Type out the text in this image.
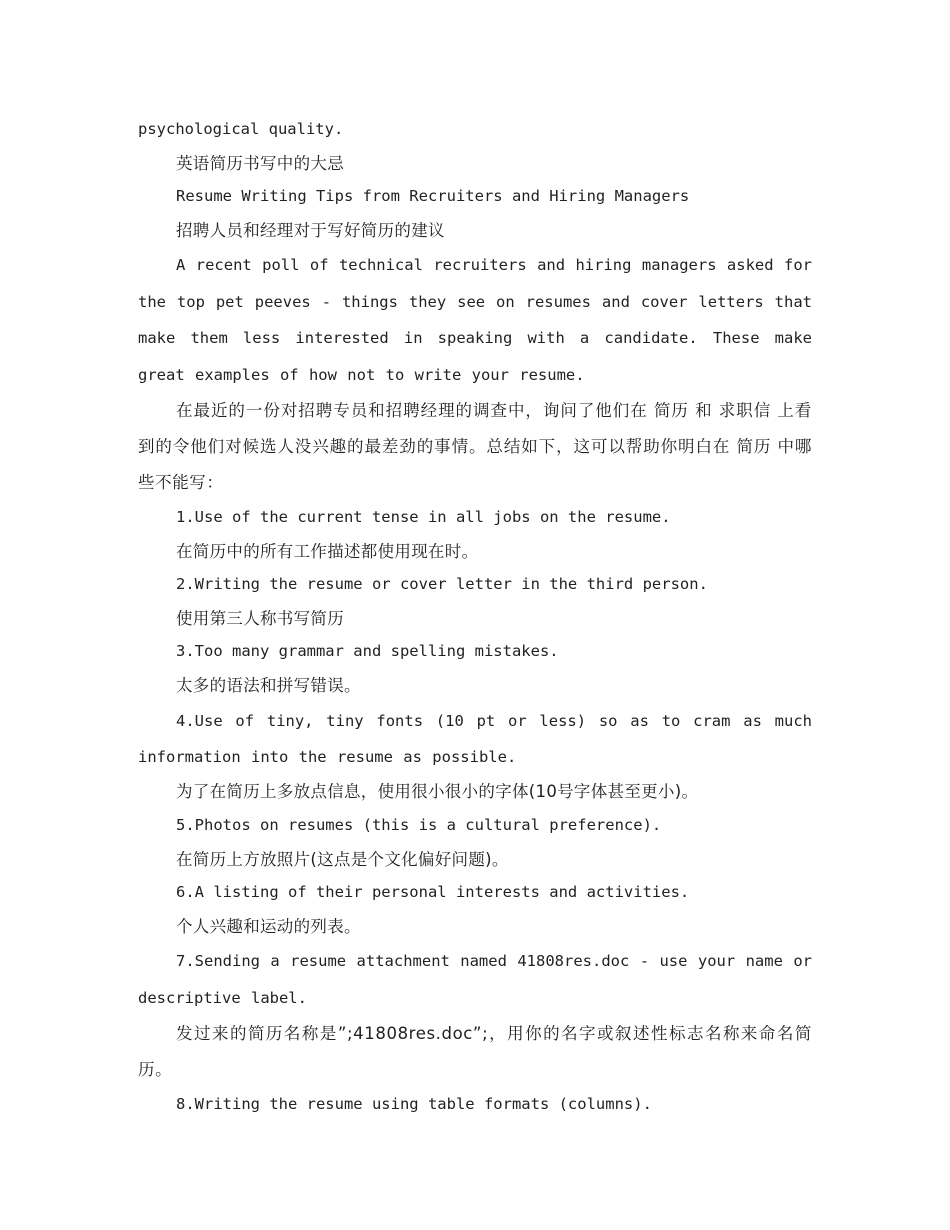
psychological quality.
英语简历书写中的大忌
Resume Writing Tips from Recruiters and Hiring Managers
招聘人员和经理对于写好简历的建议
A recent poll of technical recruiters and hiring managers asked for the top pet peeves - things they see on resumes and cover letters that make them less interested in speaking with a candidate. These make great examples of how not to write your resume.
在最近的一份对招聘专员和招聘经理的调查中，询问了他们在 简历 和 求职信 上看到的令他们对候选人没兴趣的最差劲的事情。总结如下，这可以帮助你明白在 简历 中哪些不能写：
1.Use of the current tense in all jobs on the resume.
在简历中的所有工作描述都使用现在时。
2.Writing the resume or cover letter in the third person.
使用第三人称书写简历
3.Too many grammar and spelling mistakes.
太多的语法和拼写错误。
4.Use of tiny, tiny fonts (10 pt or less) so as to cram as much information into the resume as possible.
为了在简历上多放点信息，使用很小很小的字体(10号字体甚至更小)。
5.Photos on resumes (this is a cultural preference).
在简历上方放照片(这点是个文化偏好问题)。
6.A listing of their personal interests and activities.
个人兴趣和运动的列表。
7.Sending a resume attachment named 41808res.doc - use your name or descriptive label.
发过来的简历名称是”;41808res.doc”;，用你的名字或叙述性标志名称来命名简历。
8.Writing the resume using table formats (columns).
